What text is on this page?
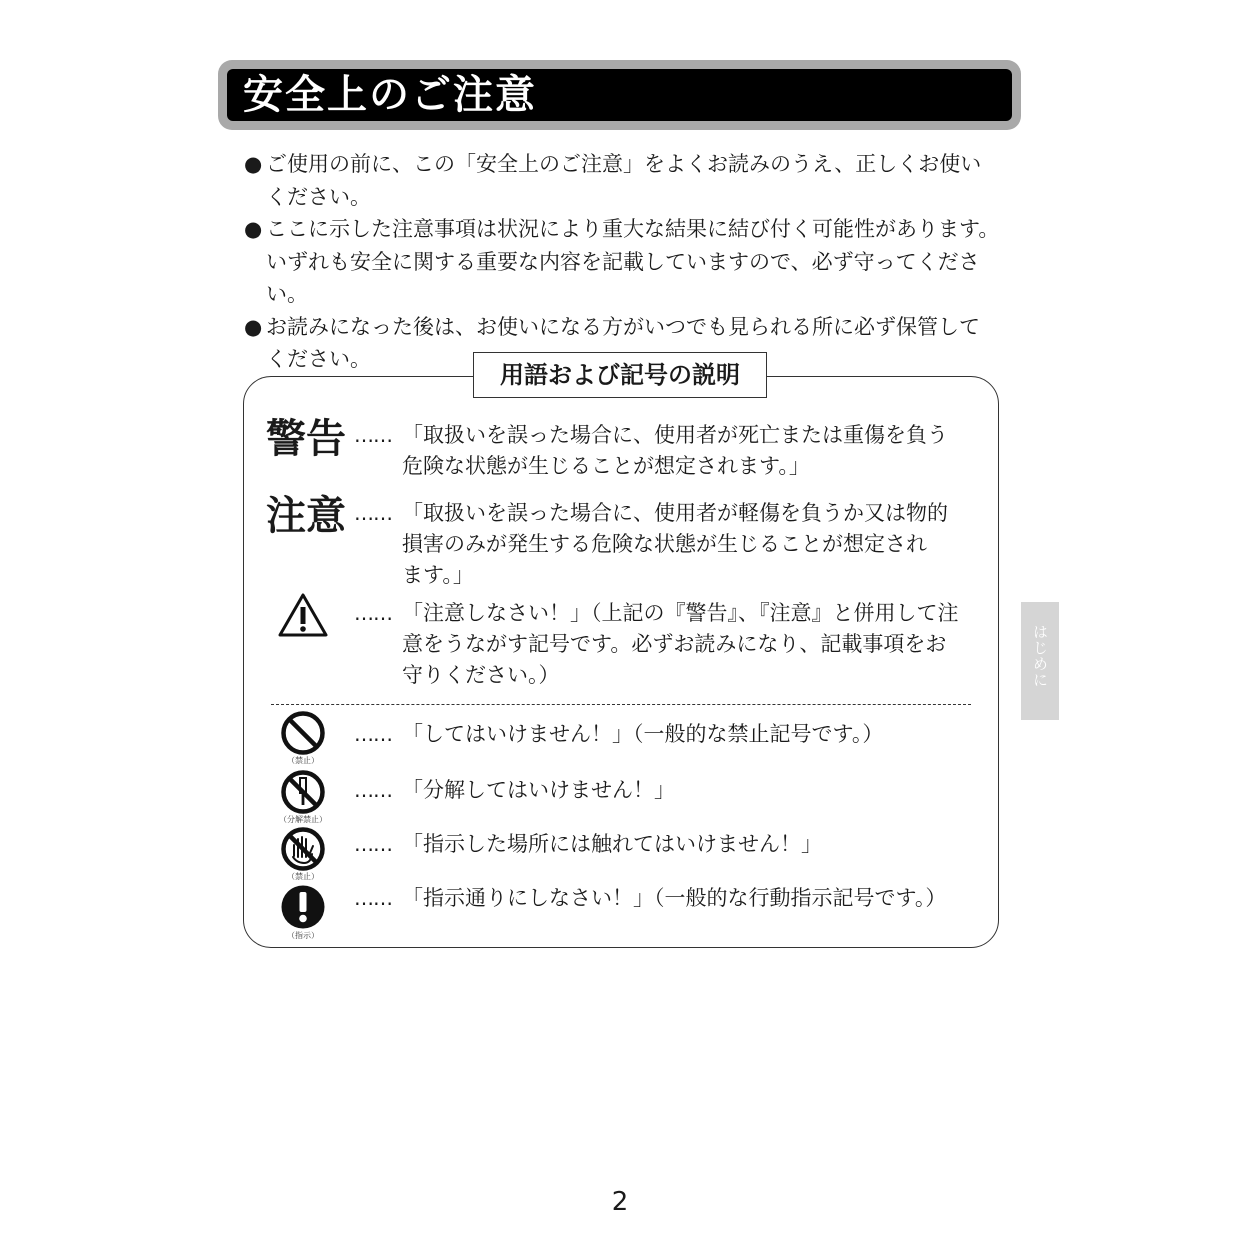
安全上のご注意
● ご使用の前に、この「安全上のご注意」をよくお読みのうえ、正しくお使い
ください。
● ここに示した注意事項は状況により重大な結果に結び付く可能性があります。
いずれも安全に関する重要な内容を記載していますので、必ず守ってください。
● お読みになった後は、お使いになる方がいつでも見られる所に必ず保管して
ください。
用語および記号の説明
警告 …… 「取扱いを誤った場合に、使用者が死亡または重傷を負う
危険な状態が生じることが想定されます。」
注意 …… 「取扱いを誤った場合に、使用者が軽傷を負うか又は物的
損害のみが発生する危険な状態が生じることが想定され
ます。」
…… 「注意しなさい！」（上記の『警告』、『注意』と併用して注
意をうながす記号です。必ずお読みになり、記載事項をお
守りください。）
（禁止）
…… 「してはいけません！」（一般的な禁止記号です。）
（分解禁止）
…… 「分解してはいけません！」
（禁止）
…… 「指示した場所には触れてはいけません！」
（指示）
…… 「指示通りにしなさい！」（一般的な行動指示記号です。）
はじめに
2
